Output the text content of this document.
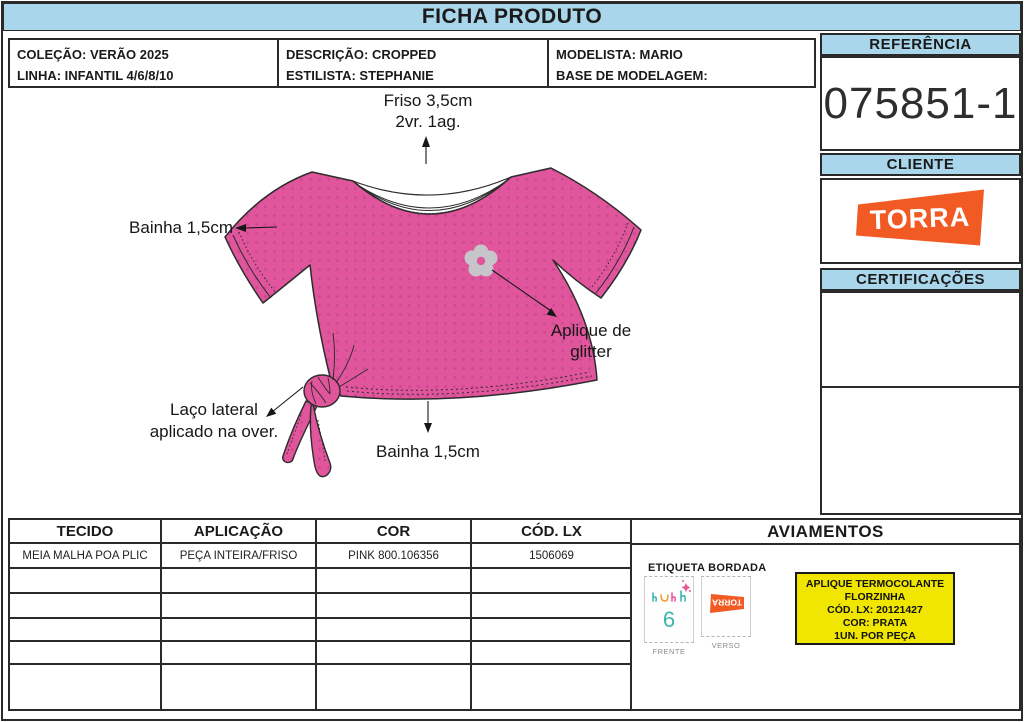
FICHA PRODUTO
COLEÇÃO: VERÃO 2025
LINHA: INFANTIL 4/6/8/10
DESCRIÇÃO: CROPPED
ESTILISTA: STEPHANIE
MODELISTA: MARIO
BASE DE MODELAGEM:
Friso 3,5cm
2vr. 1ag.
Bainha 1,5cm
Aplique de
glitter
Laço lateral
aplicado na over.
Bainha 1,5cm
REFERÊNCIA
075851-1
CLIENTE
TORRA
CERTIFICAÇÕES
TECIDO	APLICAÇÃO	COR	CÓD. LX
MEIA MALHA POA PLIC	PEÇA INTEIRA/FRISO	PINK 800.106356	1506069

AVIAMENTOS
ETIQUETA BORDADA
6
FRENTE
TORRA
VERSO
APLIQUE TERMOCOLANTE
FLORZINHA
CÓD. LX: 20121427
COR: PRATA
1UN. POR PEÇA
